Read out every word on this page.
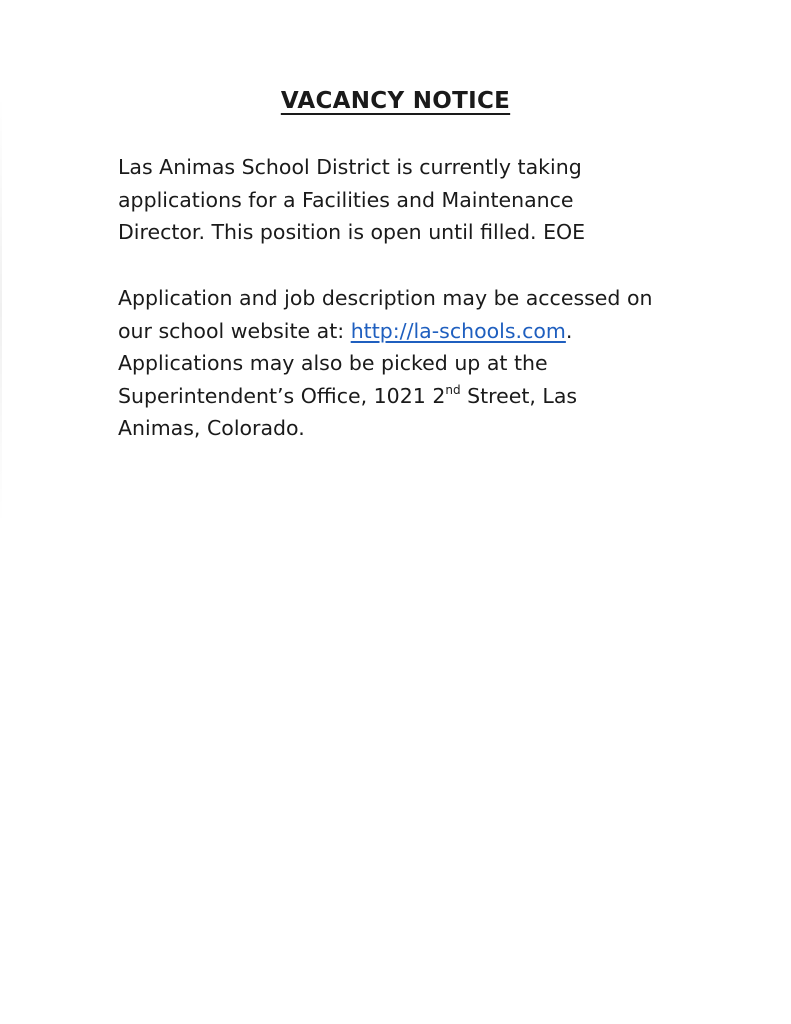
VACANCY NOTICE

Las Animas School District is currently taking
applications for a Facilities and Maintenance
Director. This position is open until filled. EOE

Application and job description may be accessed on
our school website at: http://la-schools.com.
Applications may also be picked up at the
Superintendent’s Office, 1021 2nd Street, Las
Animas, Colorado.
